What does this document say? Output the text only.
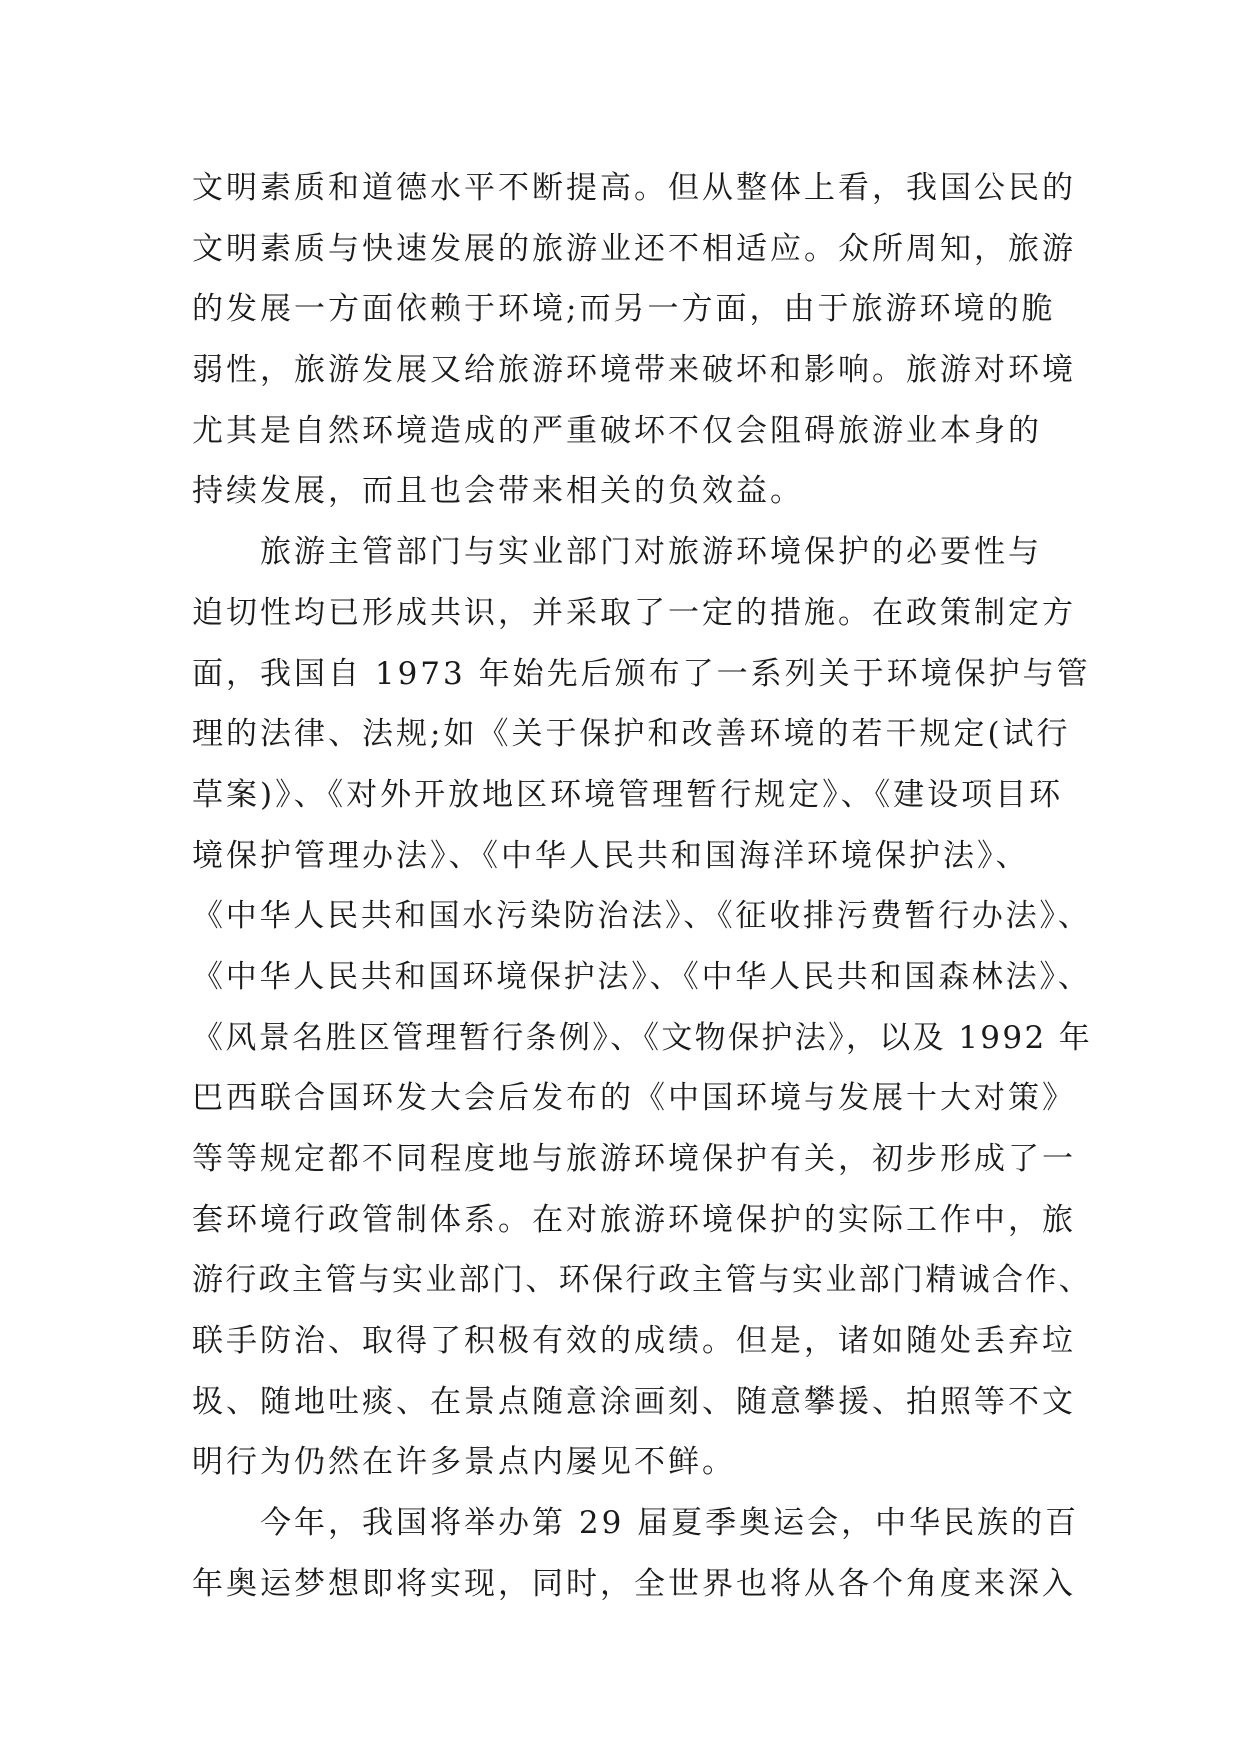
文明素质和道德水平不断提高。但从整体上看，我国公民的

文明素质与快速发展的旅游业还不相适应。众所周知，旅游

的发展一方面依赖于环境;而另一方面，由于旅游环境的脆

弱性，旅游发展又给旅游环境带来破坏和影响。旅游对环境

尤其是自然环境造成的严重破坏不仅会阻碍旅游业本身的

持续发展，而且也会带来相关的负效益。

　　旅游主管部门与实业部门对旅游环境保护的必要性与

迫切性均已形成共识，并采取了一定的措施。在政策制定方

面，我国自 1973 年始先后颁布了一系列关于环境保护与管

理的法律、法规;如《关于保护和改善环境的若干规定(试行

草案)》、《对外开放地区环境管理暂行规定》、《建设项目环

境保护管理办法》、《中华人民共和国海洋环境保护法》、

《中华人民共和国水污染防治法》、《征收排污费暂行办法》、

《中华人民共和国环境保护法》、《中华人民共和国森林法》、

《风景名胜区管理暂行条例》、《文物保护法》，以及 1992 年

巴西联合国环发大会后发布的《中国环境与发展十大对策》

等等规定都不同程度地与旅游环境保护有关，初步形成了一

套环境行政管制体系。在对旅游环境保护的实际工作中，旅

游行政主管与实业部门、环保行政主管与实业部门精诚合作、

联手防治、取得了积极有效的成绩。但是，诸如随处丢弃垃

圾、随地吐痰、在景点随意涂画刻、随意攀援、拍照等不文

明行为仍然在许多景点内屡见不鲜。

　　今年，我国将举办第 29 届夏季奥运会，中华民族的百

年奥运梦想即将实现，同时，全世界也将从各个角度来深入
